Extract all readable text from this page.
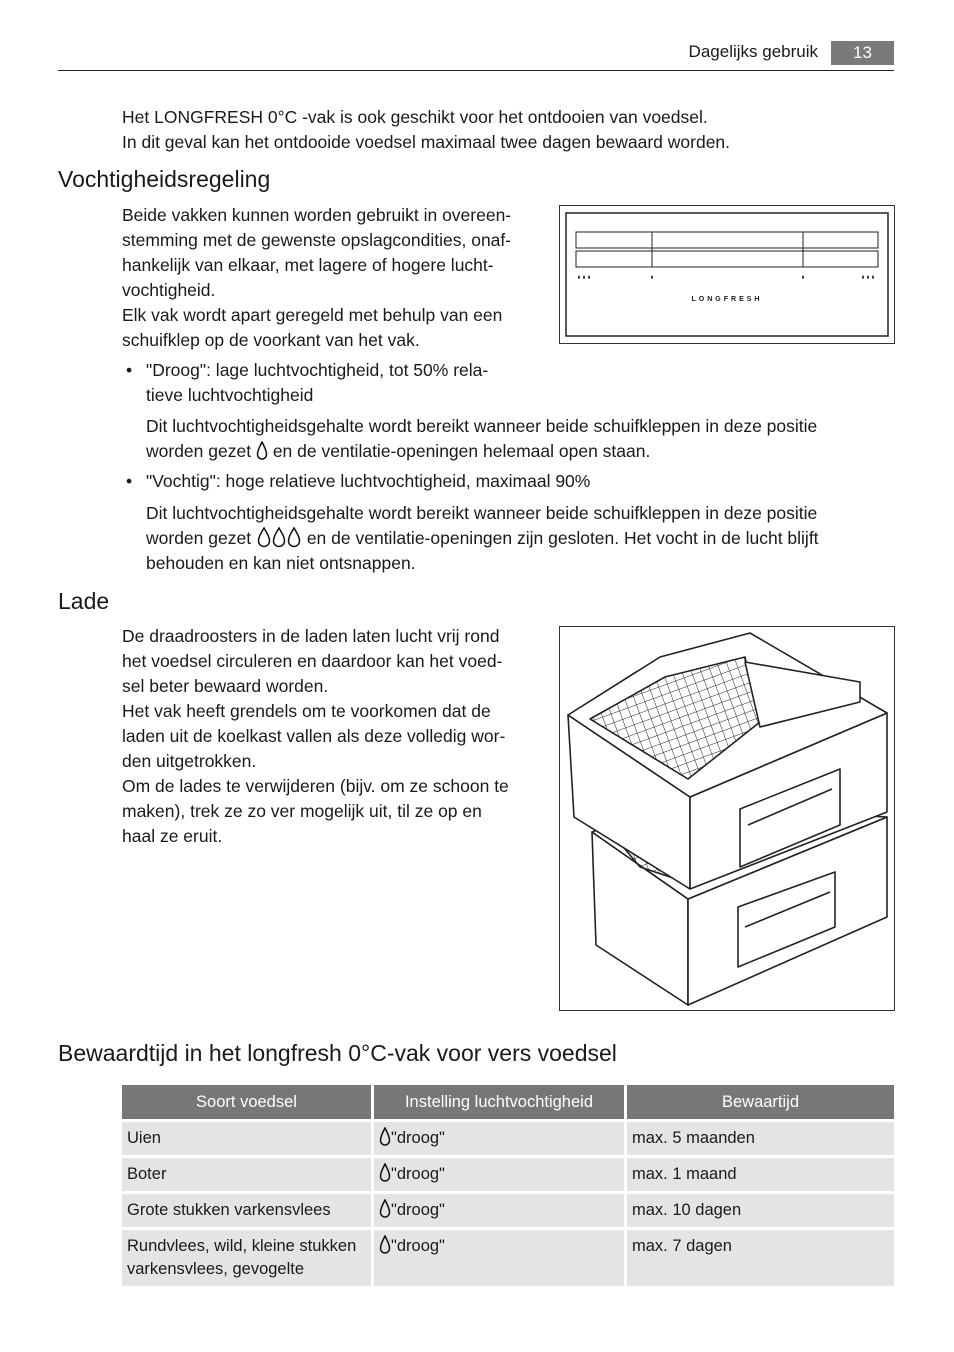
Dagelijks gebruik	13

Het LONGFRESH 0°C -vak is ook geschikt voor het ontdooien van voedsel.

In dit geval kan het ontdooide voedsel maximaal twee dagen bewaard worden.

Vochtigheidsregeling

Beide vakken kunnen worden gebruikt in overeen-

stemming met de gewenste opslagcondities, onaf-

hankelijk van elkaar, met lagere of hogere lucht-

vochtigheid.

Elk vak wordt apart geregeld met behulp van een

schuifklep op de voorkant van het vak.

LONGFRESH
• "Droog": lage luchtvochtigheid, tot 50% rela-
tieve luchtvochtigheid

Dit luchtvochtigheidsgehalte wordt bereikt wanneer beide schuifkleppen in deze positie

worden gezet en de ventilatie-openingen helemaal open staan.

• "Vochtig": hoge relatieve luchtvochtigheid, maximaal 90%

Dit luchtvochtigheidsgehalte wordt bereikt wanneer beide schuifkleppen in deze positie

worden gezet	en de ventilatie-openingen zijn gesloten. Het vocht in de lucht blijft

behouden en kan niet ontsnappen.

Lade

De draadroosters in de laden laten lucht vrij rond

het voedsel circuleren en daardoor kan het voed-

sel beter bewaard worden.

Het vak heeft grendels om te voorkomen dat de

laden uit de koelkast vallen als deze volledig wor-

den uitgetrokken.

Om de lades te verwijderen (bijv. om ze schoon te

maken), trek ze zo ver mogelijk uit, til ze op en

haal ze eruit.

Bewaardtijd in het longfresh 0°C-vak voor vers voedsel
Soort voedsel	Instelling luchtvochtigheid	Bewaartijd
Uien	"droog"	max. 5 maanden
Boter	"droog"	max. 1 maand
Grote stukken varkensvlees	"droog"	max. 10 dagen

Rundvlees, wild, kleine stukken
varkensvlees, gevogelte	"droog"	max. 7 dagen
